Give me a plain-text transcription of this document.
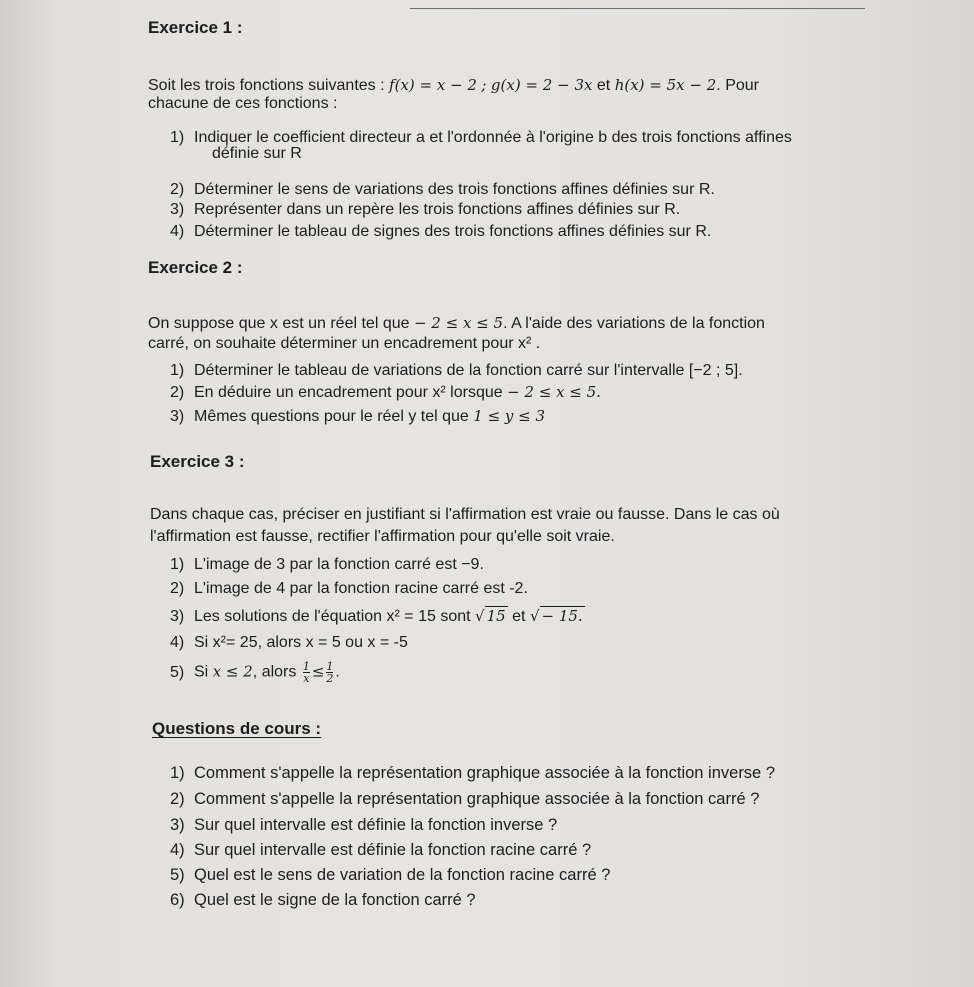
Exercice 1 :
Soit les trois fonctions suivantes : f(x) = x − 2 ; g(x) = 2 − 3x et h(x) = 5x − 2. Pour
chacune de ces fonctions :
1) Indiquer le coefficient directeur a et l'ordonnée à l'origine b des trois fonctions affines
définie sur R
2) Déterminer le sens de variations des trois fonctions affines définies sur R.
3) Représenter dans un repère les trois fonctions affines définies sur R.
4) Déterminer le tableau de signes des trois fonctions affines définies sur R.
Exercice 2 :
On suppose que x est un réel tel que − 2 ≤ x ≤ 5. A l'aide des variations de la fonction
carré, on souhaite déterminer un encadrement pour x² .
1) Déterminer le tableau de variations de la fonction carré sur l'intervalle [−2 ; 5].
2) En déduire un encadrement pour x² lorsque − 2 ≤ x ≤ 5.
3) Mêmes questions pour le réel y tel que 1 ≤ y ≤ 3
Exercice 3 :
Dans chaque cas, préciser en justifiant si l'affirmation est vraie ou fausse. Dans le cas où
l'affirmation est fausse, rectifier l'affirmation pour qu'elle soit vraie.
1) L'image de 3 par la fonction carré est −9.
2) L'image de 4 par la fonction racine carré est -2.
3) Les solutions de l'équation x² = 15 sont √ 15 et √ − 15.
4) Si x²= 25, alors x = 5 ou x = -5
5) Si x ≤ 2, alors $\frac{1}{x} \le \frac{1}{2}$ .
Questions de cours :
1) Comment s'appelle la représentation graphique associée à la fonction inverse ?
2) Comment s'appelle la représentation graphique associée à la fonction carré ?
3) Sur quel intervalle est définie la fonction inverse ?
4) Sur quel intervalle est définie la fonction racine carré ?
5) Quel est le sens de variation de la fonction racine carré ?
6) Quel est le signe de la fonction carré ?
